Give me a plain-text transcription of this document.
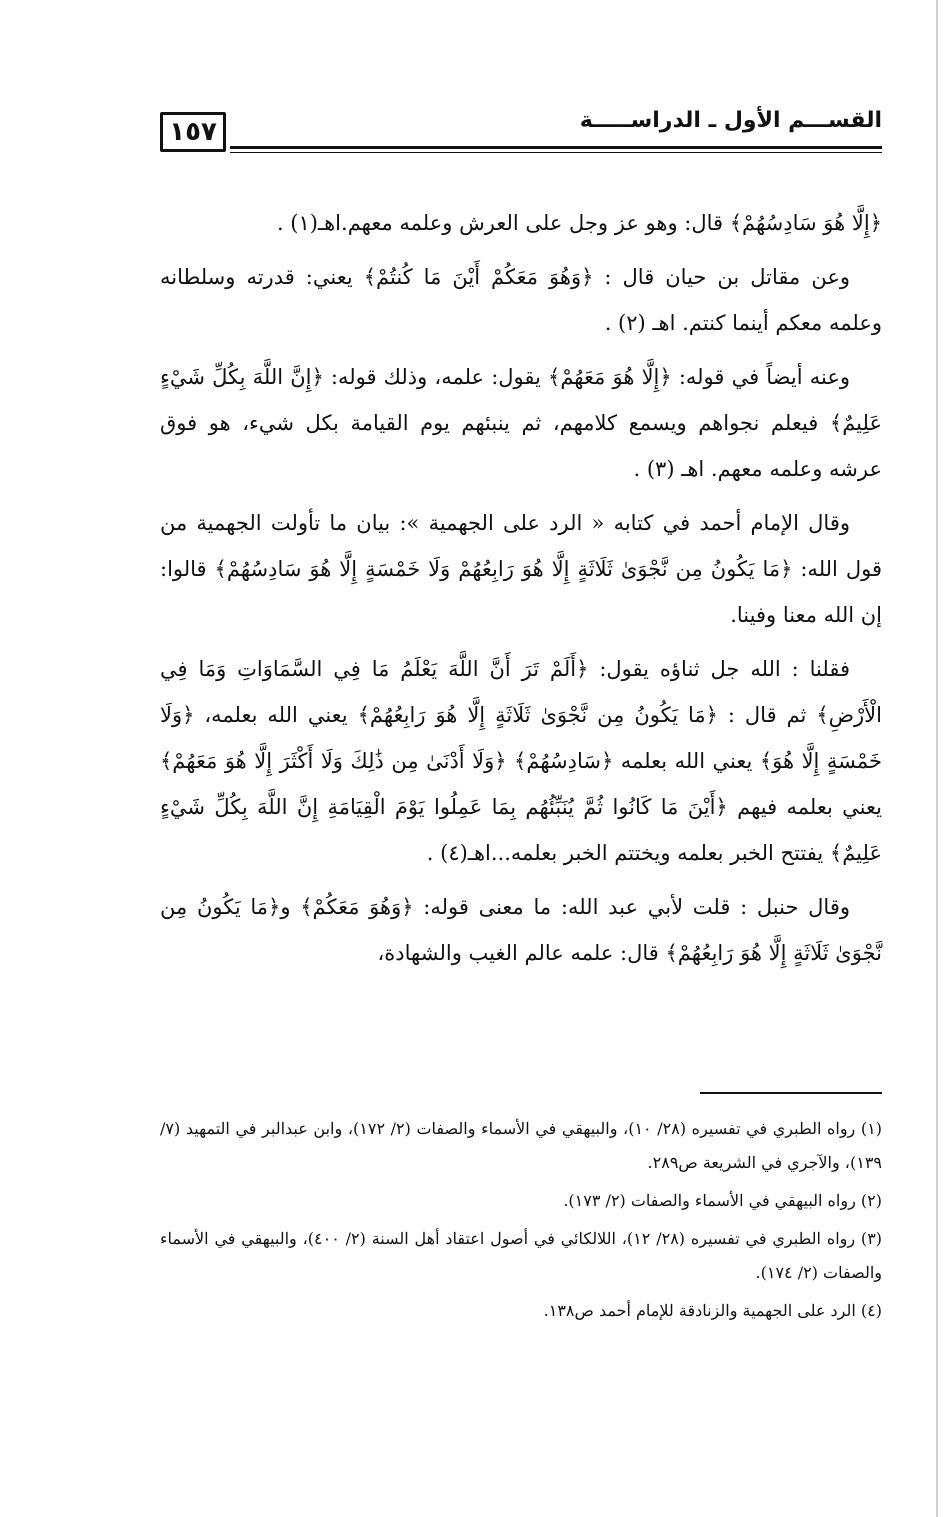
١٥٧	القســـم الأول ـ الدراســـــة

﴿إِلَّا هُوَ سَادِسُهُمْ﴾ قال: وهو عز وجل على العرش وعلمه معهم.اهـ(١) .

وعن مقاتل بن حيان قال : ﴿وَهُوَ مَعَكُمْ أَيْنَ مَا كُنتُمْ﴾ يعني: قدرته وسلطانه وعلمه معكم أينما كنتم. اهـ (٢) .

وعنه أيضاً في قوله: ﴿إِلَّا هُوَ مَعَهُمْ﴾ يقول: علمه، وذلك قوله: ﴿إِنَّ اللَّهَ بِكُلِّ شَيْءٍ عَلِيمٌ﴾ فيعلم نجواهم ويسمع كلامهم، ثم ينبئهم يوم القيامة بكل شيء، هو فوق عرشه وعلمه معهم. اهـ (٣) .

وقال الإمام أحمد في كتابه « الرد على الجهمية »: بيان ما تأولت الجهمية من قول الله: ﴿مَا يَكُونُ مِن نَّجْوَىٰ ثَلَاثَةٍ إِلَّا هُوَ رَابِعُهُمْ وَلَا خَمْسَةٍ إِلَّا هُوَ سَادِسُهُمْ﴾ قالوا: إن الله معنا وفينا.

فقلنا : الله جل ثناؤه يقول: ﴿أَلَمْ تَرَ أَنَّ اللَّهَ يَعْلَمُ مَا فِي السَّمَاوَاتِ وَمَا فِي الْأَرْضِ﴾ ثم قال : ﴿مَا يَكُونُ مِن نَّجْوَىٰ ثَلَاثَةٍ إِلَّا هُوَ رَابِعُهُمْ﴾ يعني الله بعلمه، ﴿وَلَا خَمْسَةٍ إِلَّا هُوَ﴾ يعني الله بعلمه ﴿سَادِسُهُمْ﴾ ﴿وَلَا أَدْنَىٰ مِن ذَٰلِكَ وَلَا أَكْثَرَ إِلَّا هُوَ مَعَهُمْ﴾ يعني بعلمه فيهم ﴿أَيْنَ مَا كَانُوا ثُمَّ يُنَبِّئُهُم بِمَا عَمِلُوا يَوْمَ الْقِيَامَةِ إِنَّ اللَّهَ بِكُلِّ شَيْءٍ عَلِيمٌ﴾ يفتتح الخبر بعلمه ويختتم الخبر بعلمه...اهـ(٤) .

وقال حنبل : قلت لأبي عبد الله: ما معنى قوله: ﴿وَهُوَ مَعَكُمْ﴾ و﴿مَا يَكُونُ مِن نَّجْوَىٰ ثَلَاثَةٍ إِلَّا هُوَ رَابِعُهُمْ﴾ قال: علمه عالم الغيب والشهادة،

(١) رواه الطبري في تفسيره (٢٨/ ١٠)، والبيهقي في الأسماء والصفات (٢/ ١٧٢)، وابن عبدالبر في التمهيد (٧/ ١٣٩)، والآجري في الشريعة ص٢٨٩.

(٢) رواه البيهقي في الأسماء والصفات (٢/ ١٧٣).

(٣) رواه الطبري في تفسيره (٢٨/ ١٢)، اللالكائي في أصول اعتقاد أهل السنة (٢/ ٤٠٠)، والبيهقي في الأسماء والصفات (٢/ ١٧٤).

(٤) الرد على الجهمية والزنادقة للإمام أحمد ص١٣٨.
